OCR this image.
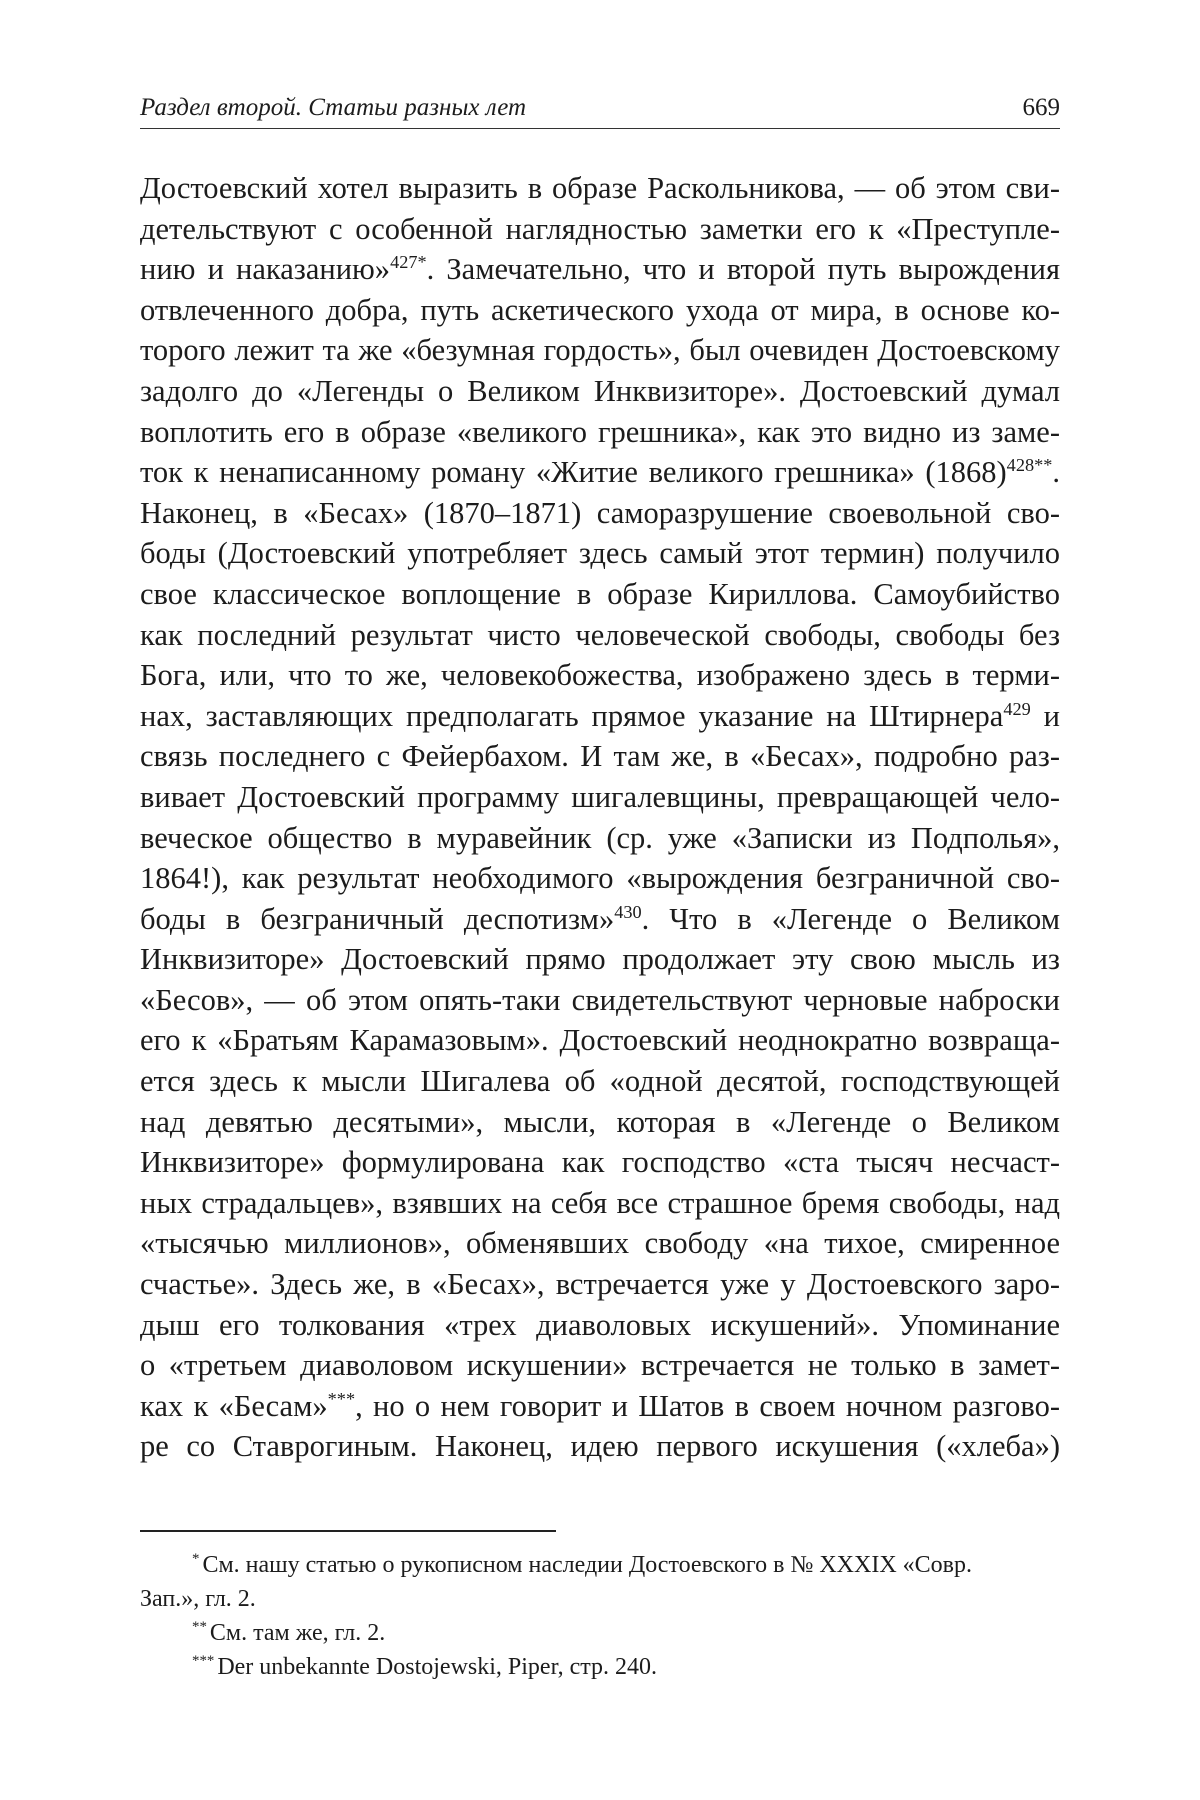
Раздел второй. Статьи разных лет	669
Достоевский хотел выразить в образе Раскольникова, — об этом сви-
детельствуют с особенной наглядностью заметки его к «Преступле-
нию и наказанию»$^{427*}$. Замечательно, что и второй путь вырождения
отвлеченного добра, путь аскетического ухода от мира, в основе ко-
торого лежит та же «безумная гордость», был очевиден Достоевскому
задолго до «Легенды о Великом Инквизиторе». Достоевский думал
воплотить его в образе «великого грешника», как это видно из заме-
ток к ненаписанному роману «Житие великого грешника» $(1868)^{428**}$.
Наконец, в «Бесах» (1870–1871) саморазрушение своевольной сво-
боды (Достоевский употребляет здесь самый этот термин) получило
свое классическое воплощение в образе Кириллова. Самоубийство
как последний результат чисто человеческой свободы, свободы без
Бога, или, что то же, человекобожества, изображено здесь в терми-
нах, заставляющих предполагать прямое указание на Штирнера$^{429}$ и
связь последнего с Фейербахом. И там же, в «Бесах», подробно раз-
вивает Достоевский программу шигалевщины, превращающей чело-
веческое общество в муравейник (ср. уже «Записки из Подполья»,
1864!), как результат необходимого «вырождения безграничной сво-
боды в безграничный деспотизм»$^{430}$. Что в «Легенде о Великом
Инквизиторе» Достоевский прямо продолжает эту свою мысль из
«Бесов», — об этом опять-таки свидетельствуют черновые наброски
его к «Братьям Карамазовым». Достоевский неоднократно возвраща-
ется здесь к мысли Шигалева об «одной десятой, господствующей
над девятью десятыми», мысли, которая в «Легенде о Великом
Инквизиторе» формулирована как господство «ста тысяч несчаст-
ных страдальцев», взявших на себя все страшное бремя свободы, над
«тысячью миллионов», обменявших свободу «на тихое, смиренное
счастье». Здесь же, в «Бесах», встречается уже у Достоевского заро-
дыш его толкования «трех диаволовых искушений». Упоминание
о «третьем диаволовом искушении» встречается не только в замет-
ках к «Бесам»***, но о нем говорит и Шатов в своем ночном разгово-
ре со Ставрогиным. Наконец, идею первого искушения («хлеба»)
* См. нашу статью о рукописном наследии Достоевского в № XXXIX «Совр.
Зап.», гл. 2.
** См. там же, гл. 2.
*** Der unbekannte Dostojewski, Piper, стр. 240.
